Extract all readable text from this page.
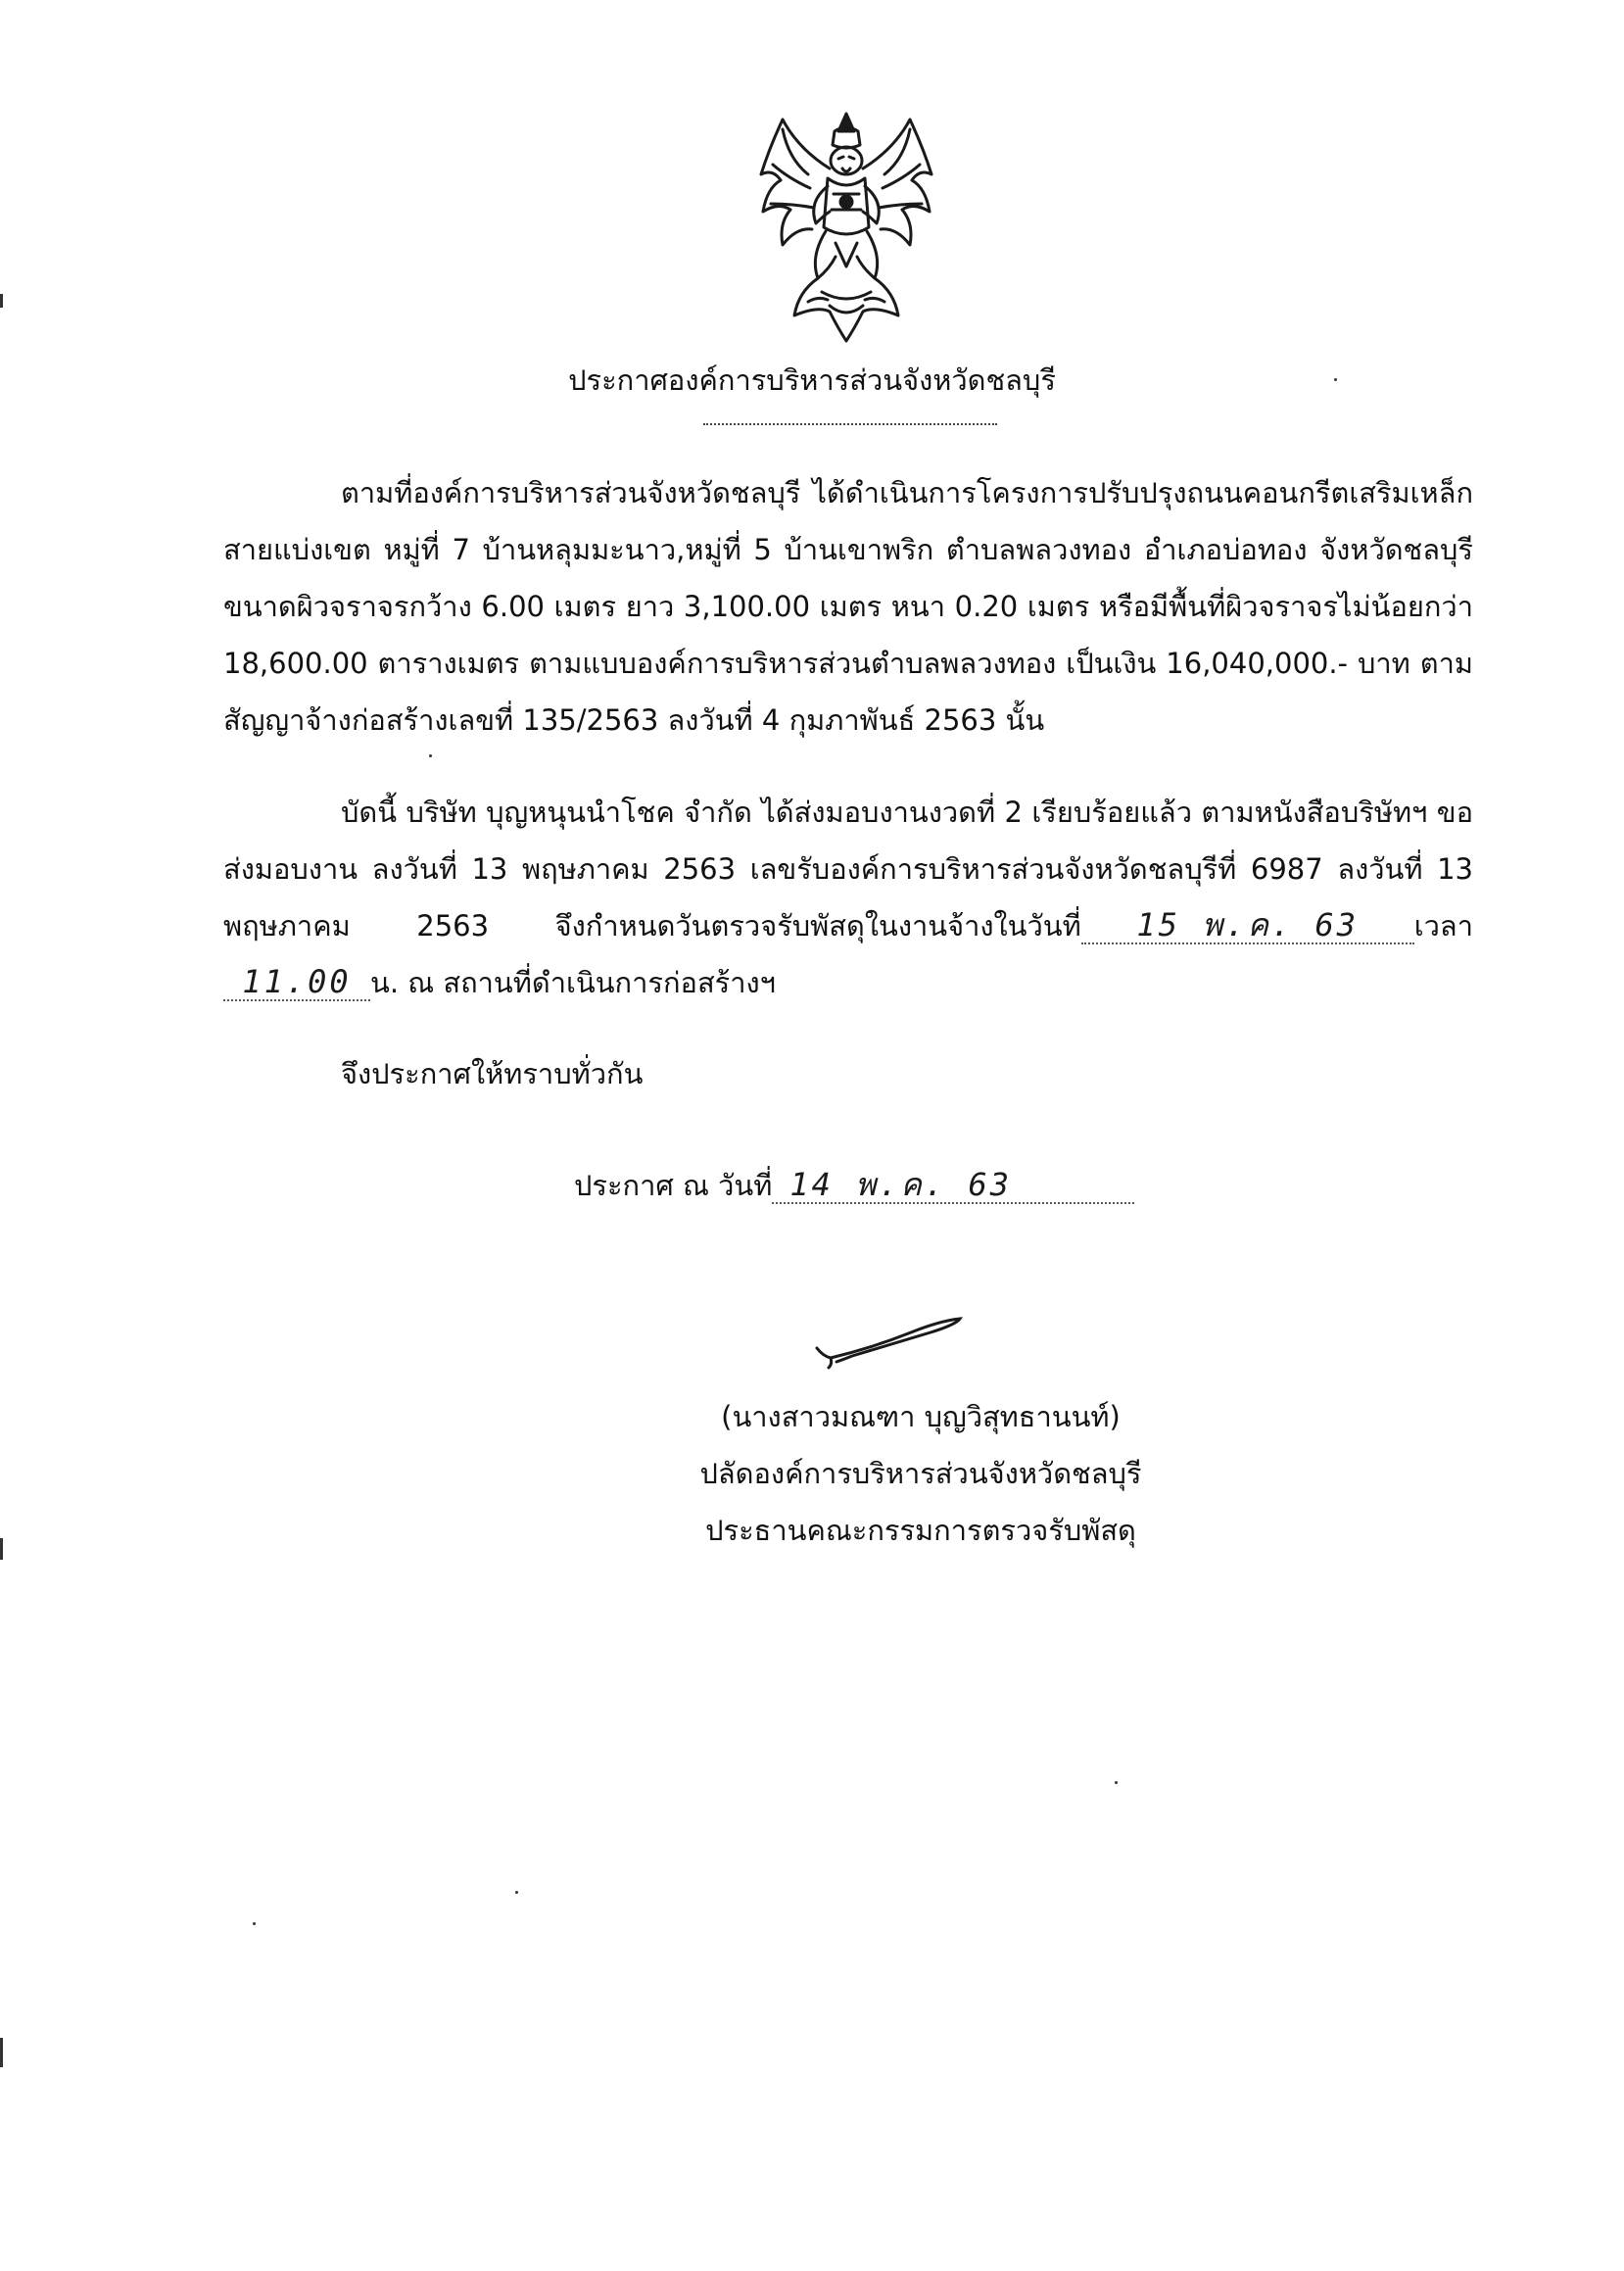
ประกาศองค์การบริหารส่วนจังหวัดชลบุรี

ตามที่องค์การบริหารส่วนจังหวัดชลบุรี ได้ดำเนินการโครงการปรับปรุงถนนคอนกรีตเสริมเหล็กสายแบ่งเขต หมู่ที่ 7 บ้านหลุมมะนาว,หมู่ที่ 5 บ้านเขาพริก ตำบลพลวงทอง อำเภอบ่อทอง จังหวัดชลบุรีขนาดผิวจราจรกว้าง 6.00 เมตร ยาว 3,100.00 เมตร หนา 0.20 เมตร หรือมีพื้นที่ผิวจราจรไม่น้อยกว่า 18,600.00 ตารางเมตร ตามแบบองค์การบริหารส่วนตำบลพลวงทอง เป็นเงิน 16,040,000.- บาท ตามสัญญาจ้างก่อสร้างเลขที่ 135/2563 ลงวันที่ 4 กุมภาพันธ์ 2563 นั้น

บัดนี้ บริษัท บุญหนุนนำโชค จำกัด ได้ส่งมอบงานงวดที่ 2 เรียบร้อยแล้ว ตามหนังสือบริษัทฯ ขอส่งมอบงาน ลงวันที่ 13 พฤษภาคม 2563 เลขรับองค์การบริหารส่วนจังหวัดชลบุรีที่ 6987 ลงวันที่ 13 พฤษภาคม 2563 จึงกำหนดวันตรวจรับพัสดุในงานจ้างในวันที่ 15 พ.ค. 63 เวลา11.00 น. ณ สถานที่ดำเนินการก่อสร้างฯ

จึงประกาศให้ทราบทั่วกัน
ประกาศ ณ วันที่ 14 พ.ค. 63
(นางสาวมณฑา บุญวิสุทธานนท์)
ปลัดองค์การบริหารส่วนจังหวัดชลบุรี
ประธานคณะกรรมการตรวจรับพัสดุ
